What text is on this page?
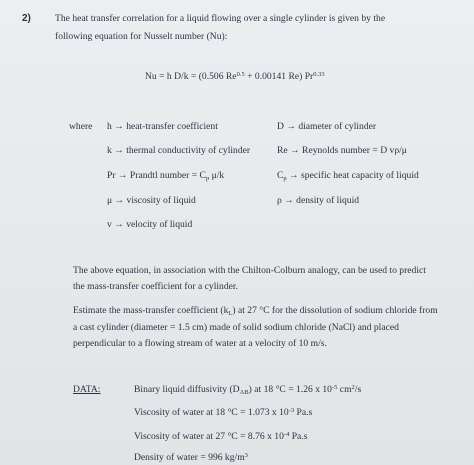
2)	The heat transfer correlation for a liquid flowing over a single cylinder is given by the
following equation for Nusselt number (Nu):
Nu = h D/k = (0.506 $Re^{0.5} + 0.00141$ Re) $Pr^{0.33}$
where h → heat-transfer coefficient	D → diameter of cylinder
k → thermal conductivity of cylinder	Re → Reynolds number = D vρ/μ
Pr → Prandtl number = $C_p$ μ/k	$C_p$ → specific heat capacity of liquid
μ → viscosity of liquid	ρ → density of liquid
v → velocity of liquid
The above equation, in association with the Chilton-Colburn analogy, can be used to predict
the mass-transfer coefficient for a cylinder.
Estimate the mass-transfer coefficient $(k_L)$ at 27 °C for the dissolution of sodium chloride from
a cast cylinder (diameter = 1.5 cm) made of solid sodium chloride (NaCl) and placed
perpendicular to a flowing stream of water at a velocity of 10 m/s.
DATA:	Binary liquid diffusivity $(D_{AB})$ at 18 °C = 1.26 x $10^{-5}$ $cm^2/s$
Viscosity of water at 18 °C = 1.073 x $10^{-3}$ Pa.s
Viscosity of water at 27 °C = 8.76 x $10^{-4}$ Pa.s
Density of water = 996 $kg/m^3$
